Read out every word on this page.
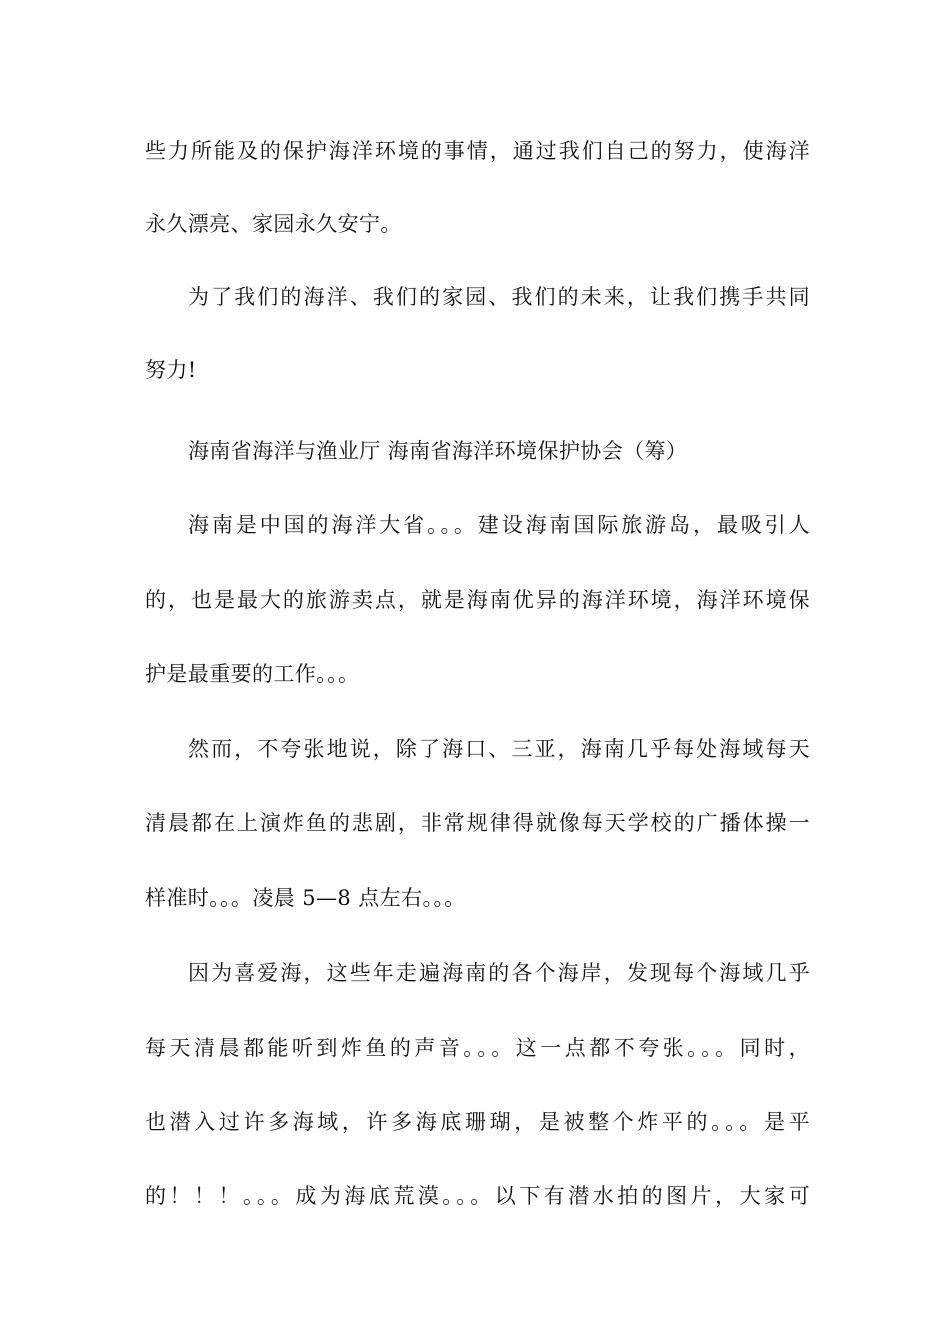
些力所能及的保护海洋环境的事情，通过我们自己的努力，使海洋
永久漂亮、家园永久安宁。
为了我们的海洋、我们的家园、我们的未来，让我们携手共同
努力!
海南省海洋与渔业厅 海南省海洋环境保护协会（筹）
海南是中国的海洋大省。。。建设海南国际旅游岛，最吸引人
的，也是最大的旅游卖点，就是海南优异的海洋环境，海洋环境保
护是最重要的工作。。。
然而，不夸张地说，除了海口、三亚，海南几乎每处海域每天
清晨都在上演炸鱼的悲剧，非常规律得就像每天学校的广播体操一
样准时。。。凌晨 5—8 点左右。。。
因为喜爱海，这些年走遍海南的各个海岸，发现每个海域几乎
每天清晨都能听到炸鱼的声音。。。这一点都不夸张。。。同时，
也潜入过许多海域，许多海底珊瑚，是被整个炸平的。。。是平
的！！！。。。成为海底荒漠。。。以下有潜水拍的图片，大家可
